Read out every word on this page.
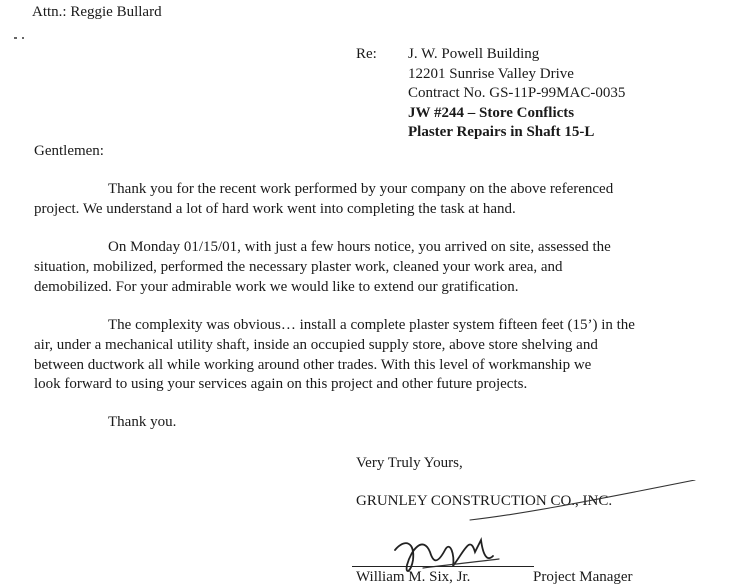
Attn.: Reggie Bullard
Re: J. W. Powell Building
12201 Sunrise Valley Drive
Contract No. GS-11P-99MAC-0035
JW #244 – Store Conflicts
Plaster Repairs in Shaft 15-L
Gentlemen:
Thank you for the recent work performed by your company on the above referenced
project. We understand a lot of hard work went into completing the task at hand.
On Monday 01/15/01, with just a few hours notice, you arrived on site, assessed the
situation, mobilized, performed the necessary plaster work, cleaned your work area, and
demobilized. For your admirable work we would like to extend our gratification.
The complexity was obvious… install a complete plaster system fifteen feet (15’) in the
air, under a mechanical utility shaft, inside an occupied supply store, above store shelving and
between ductwork all while working around other trades. With this level of workmanship we
look forward to using your services again on this project and other future projects.
Thank you.
Very Truly Yours,
GRUNLEY CONSTRUCTION CO., INC.
William M. Six, Jr.	Project Manager
